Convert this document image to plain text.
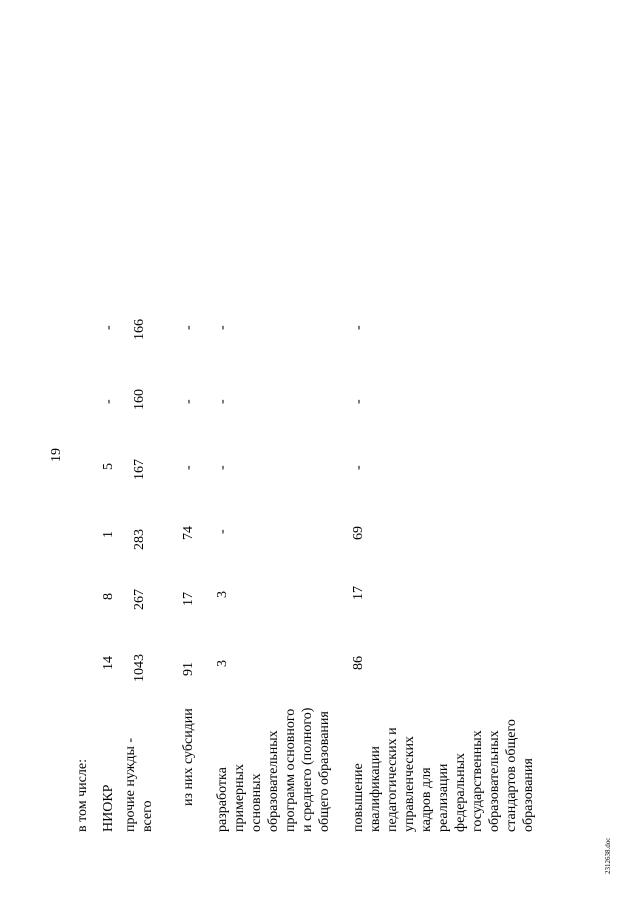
19
в том числе: НИОКР
14
8
1
5
-
-
прочие нужды - всего
1043
267
283
167
160
166
из них субсидии
91
17
74
-
-
-
разработка примерных основных образовательных программ основного и среднего (полного) общего образования
3
3
-
-
-
-
повышение квалификации педагогических и управленческих кадров для реализации федеральных государственных образовательных стандартов общего образования
86
17
69
-
-
-
2312638.doc
